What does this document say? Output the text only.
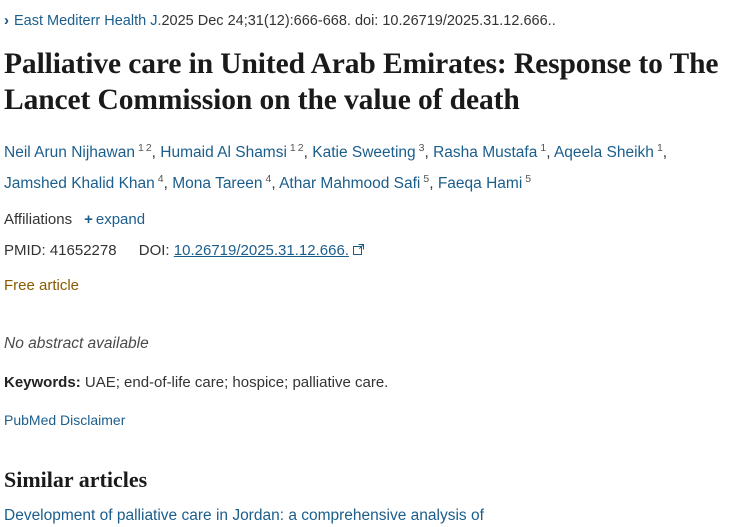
› East Mediterr Health J. 2025 Dec 24;31(12):666-668. doi: 10.26719/2025.31.12.666..
Palliative care in United Arab Emirates: Response to The Lancet Commission on the value of death
Neil Arun Nijhawan $^1$ $^2$, Humaid Al Shamsi $^1$ $^2$, Katie Sweeting $^3$, Rasha Mustafa $^1$, Aqeela Sheikh $^1$, Jamshed Khalid Khan $^4$, Mona Tareen $^4$, Athar Mahmood Safi $^5$, Faeqa Hami $^5$
Affiliations + expand
PMID: 41652278 DOI: 10.26719/2025.31.12.666.
Free article
No abstract available
Keywords: UAE; end-of-life care; hospice; palliative care.
PubMed Disclaimer
Similar articles
Development of palliative care in Jordan: a comprehensive analysis of
